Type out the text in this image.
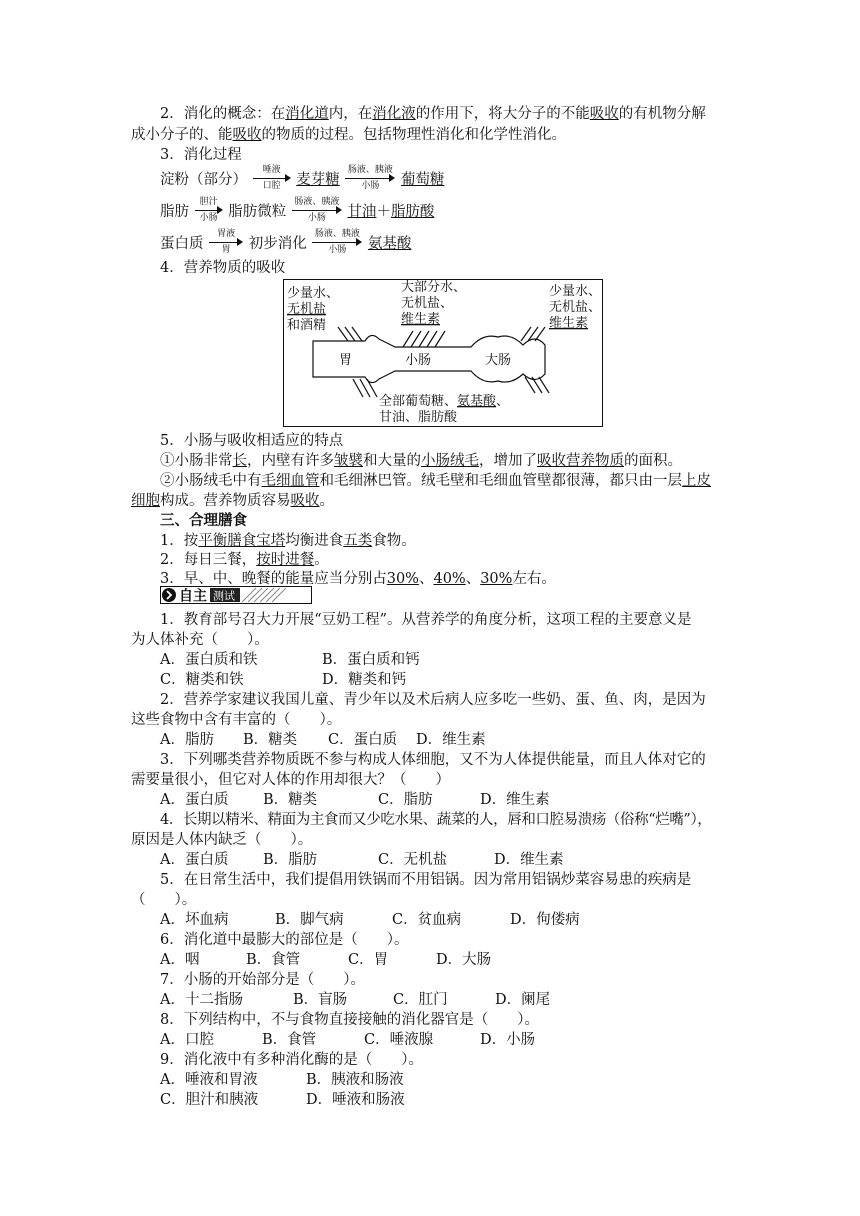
2．消化的概念：在消化道内，在消化液的作用下，将大分子的不能吸收的有机物分解
成小分子的、能吸收的物质的过程。包括物理性消化和化学性消化。
3．消化过程
淀粉（部分）
唾液
口腔	麦芽糖
肠液、胰液
小肠	葡萄糖
脂肪
胆汁
小肠 脂肪微粒
肠液、胰液
小肠	甘油＋脂肪酸
蛋白质
胃液
胃	初步消化
肠液、胰液
小肠	氨基酸
4．营养物质的吸收
少量水、
无机盐
和酒精
大部分水、
无机盐、
维生素
少量水、
无机盐、
维生素
胃	小肠	大肠
全部葡萄糖、氨基酸、
甘油、脂肪酸
5．小肠与吸收相适应的特点
①小肠非常长，内壁有许多皱襞和大量的小肠绒毛，增加了吸收营养物质的面积。
②小肠绒毛中有毛细血管和毛细淋巴管。绒毛壁和毛细血管壁都很薄，都只由一层上皮
细胞构成。营养物质容易吸收。
三、合理膳食
1．按平衡膳食宝塔均衡进食五类食物。
2．每日三餐，按时进餐。
3．早、中、晚餐的能量应当分别占30%、40%、30%左右。
自主 测试
1．教育部号召大力开展“豆奶工程”。从营养学的角度分析，这项工程的主要意义是
为人体补充（　　）。
A．蛋白质和铁	B．蛋白质和钙
C．糖类和铁	D．糖类和钙
2．营养学家建议我国儿童、青少年以及术后病人应多吃一些奶、蛋、鱼、肉，是因为
这些食物中含有丰富的（　　）。
A．脂肪 B．糖类 C．蛋白质 D．维生素
3．下列哪类营养物质既不参与构成人体细胞，又不为人体提供能量，而且人体对它的
需要量很小，但它对人体的作用却很大？（　　）
A．蛋白质 B．糖类	C．脂肪	D．维生素
4．长期以精米、精面为主食而又少吃水果、蔬菜的人，唇和口腔易溃疡（俗称“烂嘴”），
原因是人体内缺乏（　　）。
A．蛋白质 B．脂肪	C．无机盐	D．维生素
5．在日常生活中，我们提倡用铁锅而不用铝锅。因为常用铝锅炒菜容易患的疾病是
（　　）。
A．坏血病	B．脚气病	C．贫血病	D．佝偻病
6．消化道中最膨大的部位是（　　）。
A．咽	B．食管	C．胃	D．大肠
7．小肠的开始部分是（　　）。
A．十二指肠	B．盲肠	C．肛门	D．阑尾
8．下列结构中，不与食物直接接触的消化器官是（　　）。
A．口腔	B．食管	C．唾液腺	D．小肠
9．消化液中有多种消化酶的是（　　）。
A．唾液和胃液	B．胰液和肠液
C．胆汁和胰液	D．唾液和肠液
